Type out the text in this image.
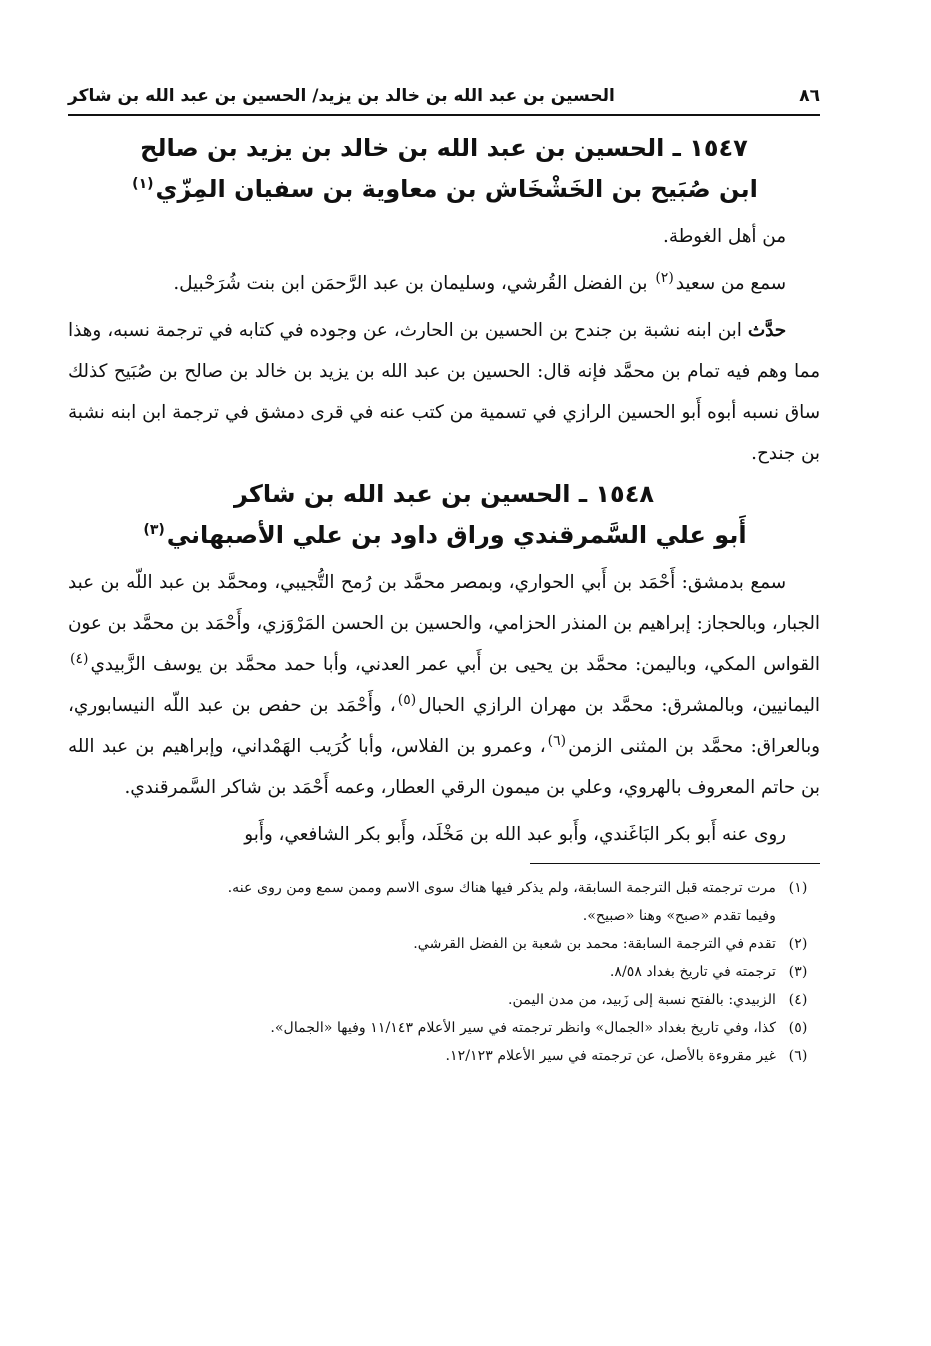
٨٦
الحسين بن عبد الله بن خالد بن يزيد/ الحسين بن عبد الله بن شاكر
١٥٤٧ ـ الحسين بن عبد الله بن خالد بن يزيد بن صالح
ابن صُبَيح بن الخَشْخَاش بن معاوية بن سفيان المِزّي$^{(١)}$

من أهل الغوطة.

سمع من سعيد$^{(٢)}$ بن الفضل القُرشي، وسليمان بن عبد الرَّحمَن ابن بنت شُرَحْبيل.

حدَّث ابن ابنه نشبة بن جندح بن الحسين بن الحارث، عن وجوده في كتابه في ترجمة نسبه، وهذا مما وهم فيه تمام بن محمَّد فإنه قال: الحسين بن عبد الله بن يزيد بن خالد بن صالح بن صُبَيح كذلك ساق نسبه أبوه أَبو الحسين الرازي في تسمية من كتب عنه في قرى دمشق في ترجمة ابن ابنه نشبة بن جندح.

١٥٤٨ ـ الحسين بن عبد الله بن شاكر
أَبو علي السَّمرقندي وراق داود بن علي الأصبهاني$^{(٣)}$

سمع بدمشق: أَحْمَد بن أَبي الحواري، وبمصر محمَّد بن رُمح التُّجيبي، ومحمَّد بن عبد اللّه بن عبد الجبار، وبالحجاز: إبراهيم بن المنذر الحزامي، والحسين بن الحسن المَرْوَزي، وأَحْمَد بن محمَّد بن عون القواس المكي، وباليمن: محمَّد بن يحيى بن أَبي عمر العدني، وأبا حمد محمَّد بن يوسف الزَّبيدي$^{(٤)}$ اليمانيين، وبالمشرق: محمَّد بن مهران الرازي الحبال$^{(٥)}$، وأَحْمَد بن حفص بن عبد اللّه النيسابوري، وبالعراق: محمَّد بن المثنى الزمن$^{(٦)}$، وعمرو بن الفلاس، وأبا كُرَيب الهَمْداني، وإبراهيم بن عبد الله بن حاتم المعروف بالهروي، وعلي بن ميمون الرقي العطار، وعمه أَحْمَد بن شاكر السَّمرقندي.

روى عنه أَبو بكر البَاغَندي، وأَبو عبد الله بن مَخْلَد، وأَبو بكر الشافعي، وأَبو

(١)
مرت ترجمته قبل الترجمة السابقة، ولم يذكر فيها هناك سوى الاسم وممن سمع ومن روى عنه.
وفيما تقدم «صبح» وهنا «صبيح».
(٢)
تقدم في الترجمة السابقة: محمد بن شعبة بن الفضل القرشي.
(٣)
ترجمته في تاريخ بغداد ٨/٥٨.
(٤)
الزبيدي: بالفتح نسبة إلى زَبيد، من مدن اليمن.
(٥)
كذا، وفي تاريخ بغداد «الجمال» وانظر ترجمته في سير الأعلام ١١/١٤٣ وفيها «الجمال».
(٦)
غير مقروءة بالأصل، عن ترجمته في سير الأعلام ١٢/١٢٣.
